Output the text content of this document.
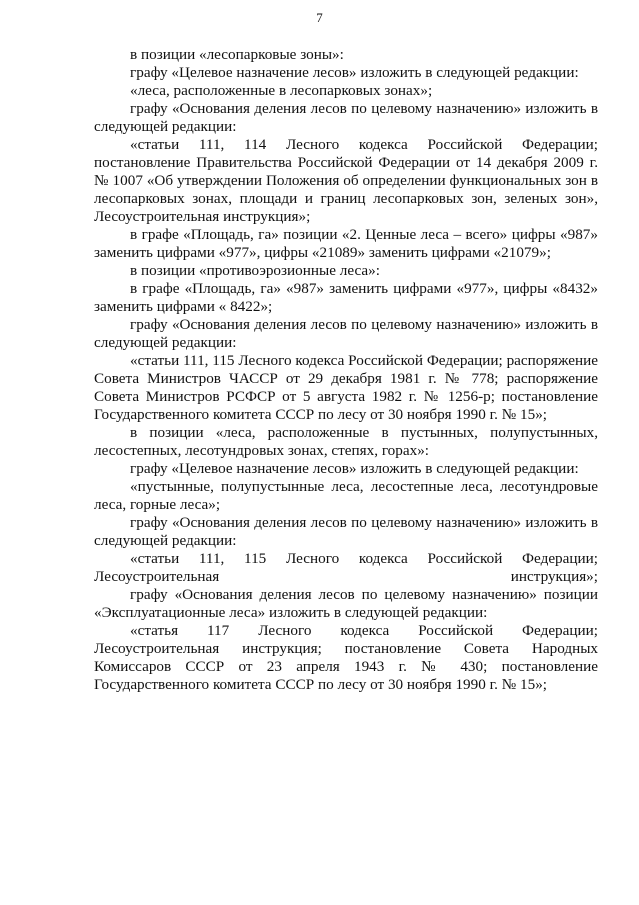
7

в позиции «лесопарковые зоны»:

графу «Целевое назначение лесов» изложить в следующей редакции:

«леса, расположенные в лесопарковых зонах»;

графу «Основания деления лесов по целевому назначению» изложить в следующей редакции:

«статьи 111, 114 Лесного кодекса Российской Федерации; постановление Правительства Российской Федерации от 14 декабря 2009 г. № 1007 «Об утверждении Положения об определении функциональных зон в лесопарковых зонах, площади и границ лесопарковых зон, зеленых зон», Лесоустроительная инструкция»;

в графе «Площадь, га» позиции «2. Ценные леса – всего» цифры «987» заменить цифрами «977», цифры «21089» заменить цифрами «21079»;

в позиции «противоэрозионные леса»:

в графе «Площадь, га» «987» заменить цифрами «977», цифры «8432» заменить цифрами « 8422»;

графу «Основания деления лесов по целевому назначению» изложить в следующей редакции:

«статьи 111, 115 Лесного кодекса Российской Федерации; распоряжение Совета Министров ЧАССР от 29 декабря 1981 г. № 778; распоряжение Совета Министров РСФСР от 5 августа 1982 г. № 1256-р; постановление Государственного комитета СССР по лесу от 30 ноября 1990 г. № 15»;

в позиции «леса, расположенные в пустынных, полупустынных, лесостепных, лесотундровых зонах, степях, горах»:

графу «Целевое назначение лесов» изложить в следующей редакции:

«пустынные, полупустынные леса, лесостепные леса, лесотундровые леса, горные леса»;

графу «Основания деления лесов по целевому назначению» изложить в следующей редакции:

«статьи 111, 115 Лесного кодекса Российской Федерации; Лесоустроительная инструкция»;

графу «Основания деления лесов по целевому назначению» позиции «Эксплуатационные леса» изложить в следующей редакции:

«статья 117 Лесного кодекса Российской Федерации; Лесоустроительная инструкция; постановление Совета Народных Комиссаров СССР от 23 апреля 1943 г. № 430; постановление Государственного комитета СССР по лесу от 30 ноября 1990 г. № 15»;
